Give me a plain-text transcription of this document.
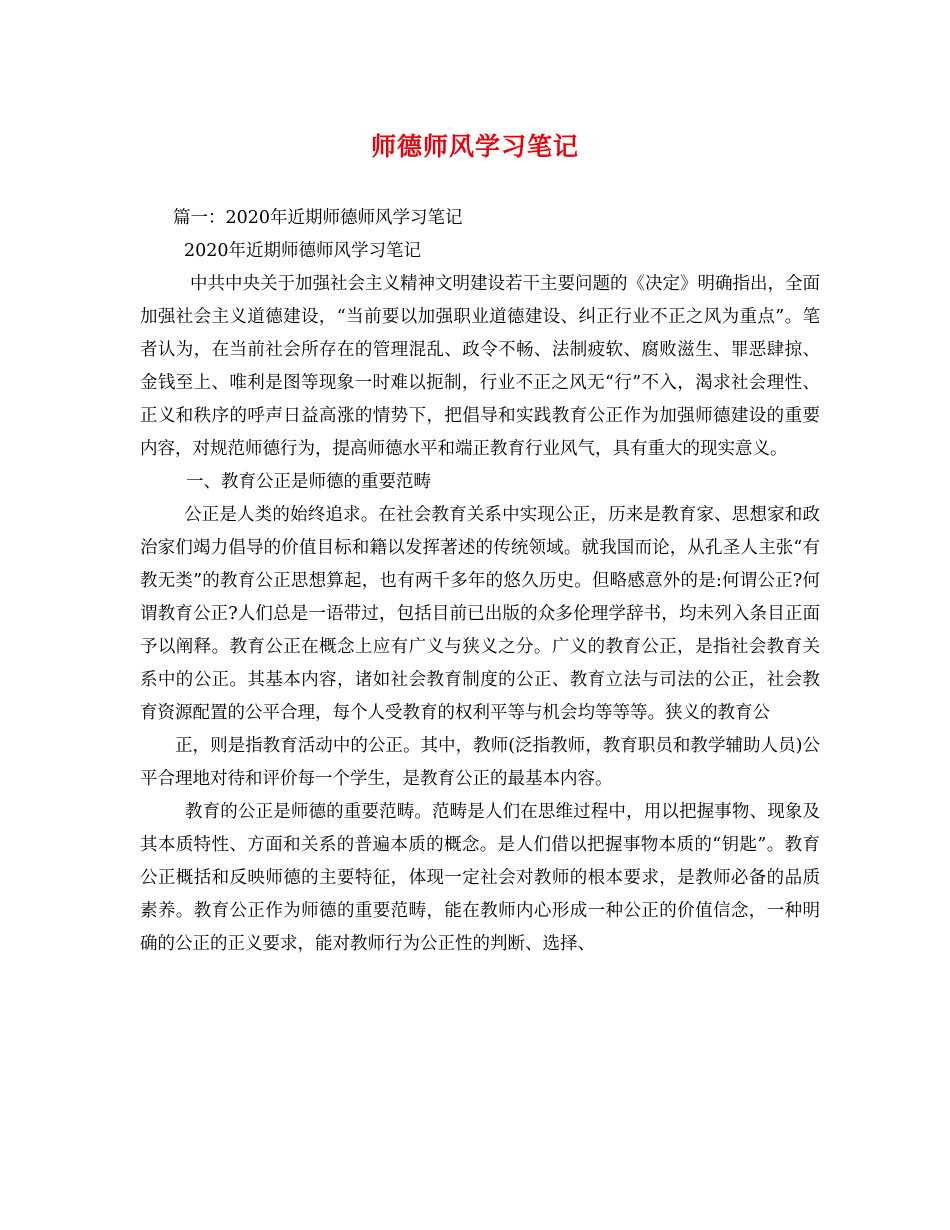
师德师风学习笔记

篇一：2020年近期师德师风学习笔记

2020年近期师德师风学习笔记

中共中央关于加强社会主义精神文明建设若干主要问题的《决定》明确指出，全面加强社会主义道德建设，“当前要以加强职业道德建设、纠正行业不正之风为重点”。笔者认为，在当前社会所存在的管理混乱、政令不畅、法制疲软、腐败滋生、罪恶肆掠、金钱至上、唯利是图等现象一时难以扼制，行业不正之风无“行”不入，渴求社会理性、正义和秩序的呼声日益高涨的情势下，把倡导和实践教育公正作为加强师德建设的重要内容，对规范师德行为，提高师德水平和端正教育行业风气，具有重大的现实意义。

一、教育公正是师德的重要范畴

公正是人类的始终追求。在社会教育关系中实现公正，历来是教育家、思想家和政治家们竭力倡导的价值目标和籍以发挥著述的传统领域。就我国而论，从孔圣人主张“有教无类”的教育公正思想算起，也有两千多年的悠久历史。但略感意外的是:何谓公正?何谓教育公正?人们总是一语带过，包括目前已出版的众多伦理学辞书，均未列入条目正面予以阐释。教育公正在概念上应有广义与狭义之分。广义的教育公正，是指社会教育关系中的公正。其基本内容，诸如社会教育制度的公正、教育立法与司法的公正，社会教育资源配置的公平合理，每个人受教育的权利平等与机会均等等等。狭义的教育公

正，则是指教育活动中的公正。其中，教师(泛指教师，教育职员和教学辅助人员)公平合理地对待和评价每一个学生，是教育公正的最基本内容。

教育的公正是师德的重要范畴。范畴是人们在思维过程中，用以把握事物、现象及其本质特性、方面和关系的普遍本质的概念。是人们借以把握事物本质的“钥匙”。教育公正概括和反映师德的主要特征，体现一定社会对教师的根本要求，是教师必备的品质素养。教育公正作为师德的重要范畴，能在教师内心形成一种公正的价值信念，一种明确的公正的正义要求，能对教师行为公正性的判断、选择、
